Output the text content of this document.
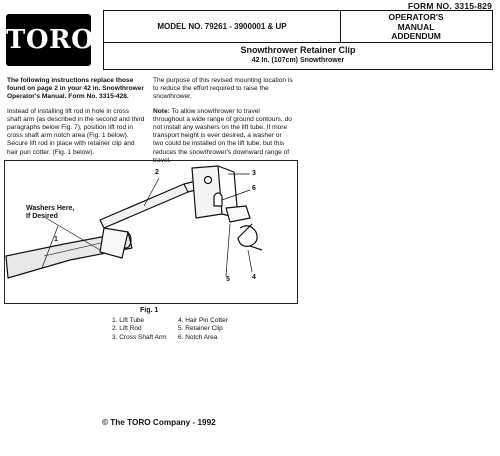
FORM NO. 3315-829
TORO	MODEL NO. 79261 - 3900001 & UP
OPERATOR'S
MANUAL
ADDENDUM
Snowthrower Retainer Clip
42 In. (107cm) Snowthrower

The following instructions replace those found on page 2 in your 42 in. Snowthrower Operator's Manual. Form No. 3315-428.

Instead of installing lift rod in hole in cross shaft arm (as described in the second and third paragraphs below Fig. 7), position lift rod in cross shaft arm notch area (Fig. 1 below). Secure lift rod in place with retainer clip and hair pun cotter. (Fig. 1 below).

The purpose of this revised mounting location is to reduce the effort required to raise the snowthrower.

Note: To allow snowthrower to travel throughout a wide range of ground contours, do not install any washers on the lift tube. If more transport height is ever desired, a washer or two could be installed on the lift tube, but this reduces the snowthrower's downward range of travel.

Washers Here,
If Desired
1
2	3
4
5
6
Fig. 1
1. Lift Tube
2. Lift Rod
3. Cross Shaft Arm
4. Hair Pin Cotter
5. Retainer Clip
6. Notch Area
© The TORO Company - 1992
